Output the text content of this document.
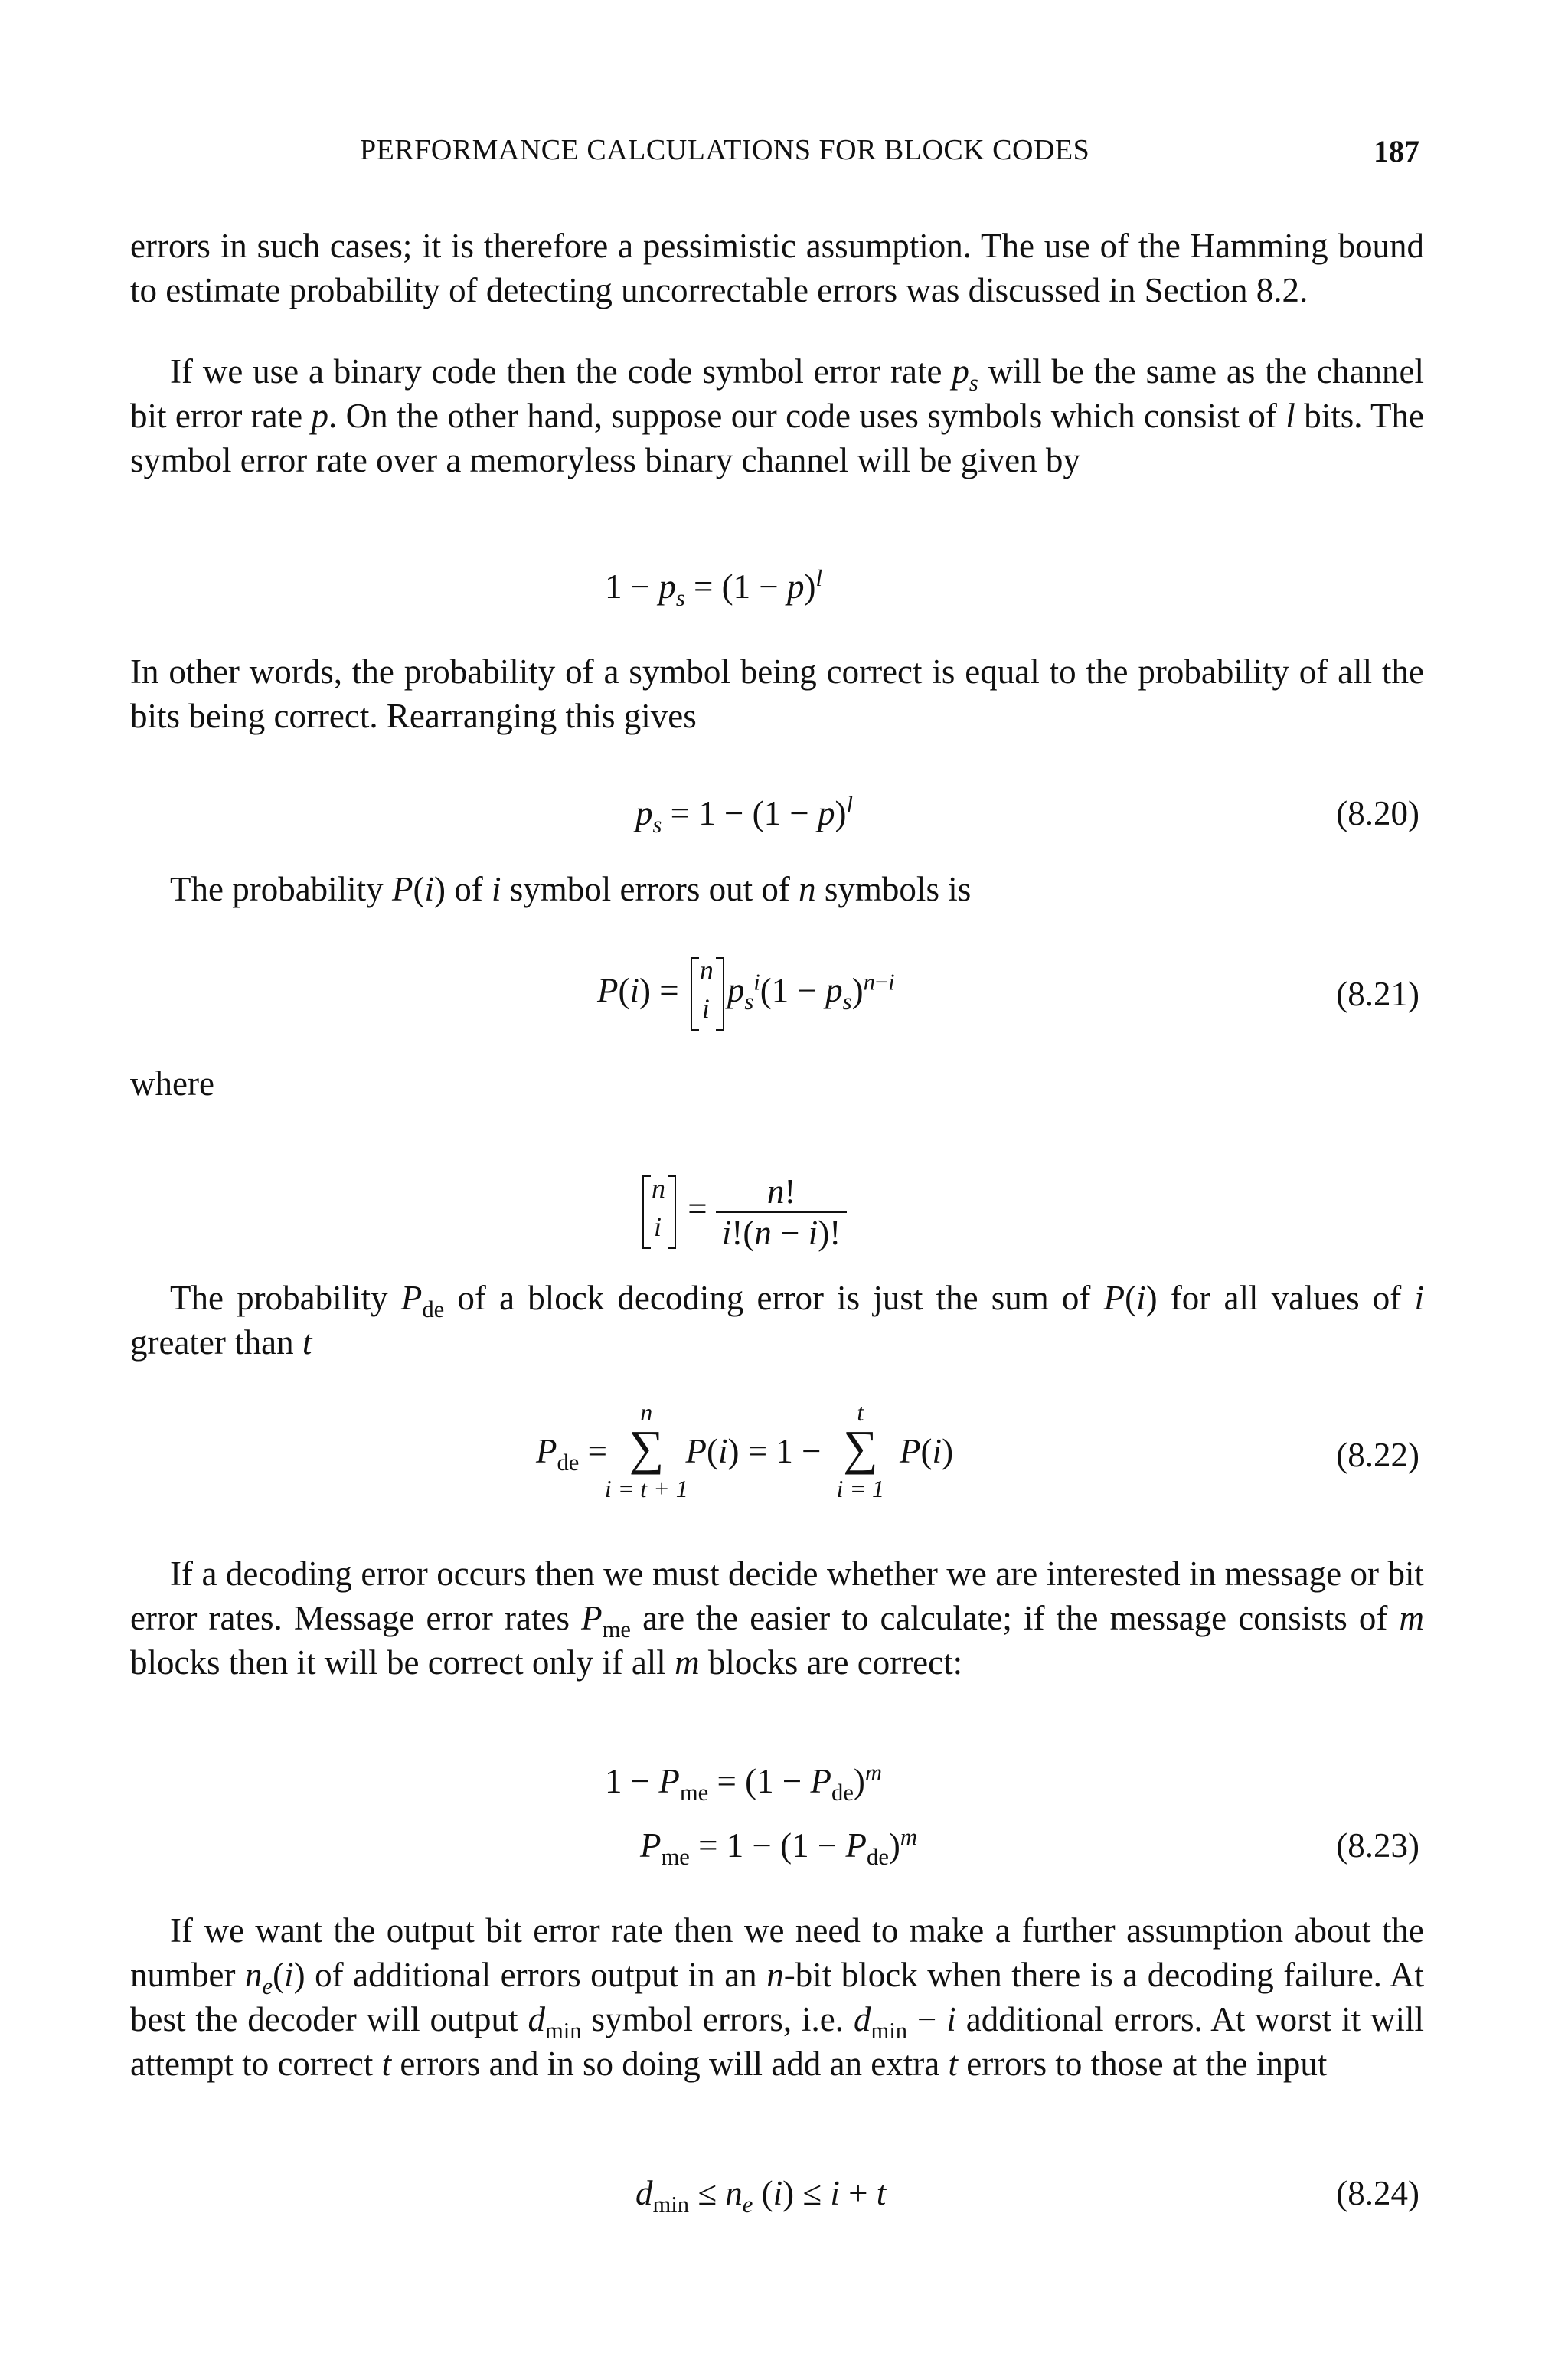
PERFORMANCE CALCULATIONS FOR BLOCK CODES	187

errors in such cases; it is therefore a pessimistic assumption. The use of the Hamming bound to estimate probability of detecting uncorrectable errors was discussed in Section 8.2.

If we use a binary code then the code symbol error rate $p_s$ will be the same as the channel bit error rate p. On the other hand, suppose our code uses symbols which consist of l bits. The symbol error rate over a memoryless binary channel will be given by

$1 - p_s = (1 - p)^l$

In other words, the probability of a symbol being correct is equal to the probability of all the bits being correct. Rearranging this gives

$p_s = 1 - (1 - p)^l$	(8.20)

The probability P(i) of i symbol errors out of n symbols is

P(i) =
n
i $p_s^i(1 - p_s)^{n-i}$	(8.21)

where

n
$i = \frac{n!}{i!(n - i)!}$

The probability $P_{de}$ of a block decoding error is just the sum of P(i) for all values of i greater than t

$P_{de}$ =
n
∑
i = t + 1
P(i) = 1 −
t
∑
i = 1
P(i)	(8.22)

If a decoding error occurs then we must decide whether we are interested in message or bit error rates. Message error rates $P_{me}$ are the easier to calculate; if the message consists of m blocks then it will be correct only if all m blocks are correct:

$1 - P_{me} = (1 - P_{de})^m$
$P_{me} = 1 - (1 - P_{de})^m$	(8.23)

If we want the output bit error rate then we need to make a further assumption about the number $n_e(i)$ of additional errors output in an n-bit block when there is a decoding failure. At best the decoder will output $d_{min}$ symbol errors, i.e. $d_{min} - i$ additional errors. At worst it will attempt to correct t errors and in so doing will add an extra t errors to those at the input

$d_{min} \le n_e$ (i) ≤ i + t	(8.24)
